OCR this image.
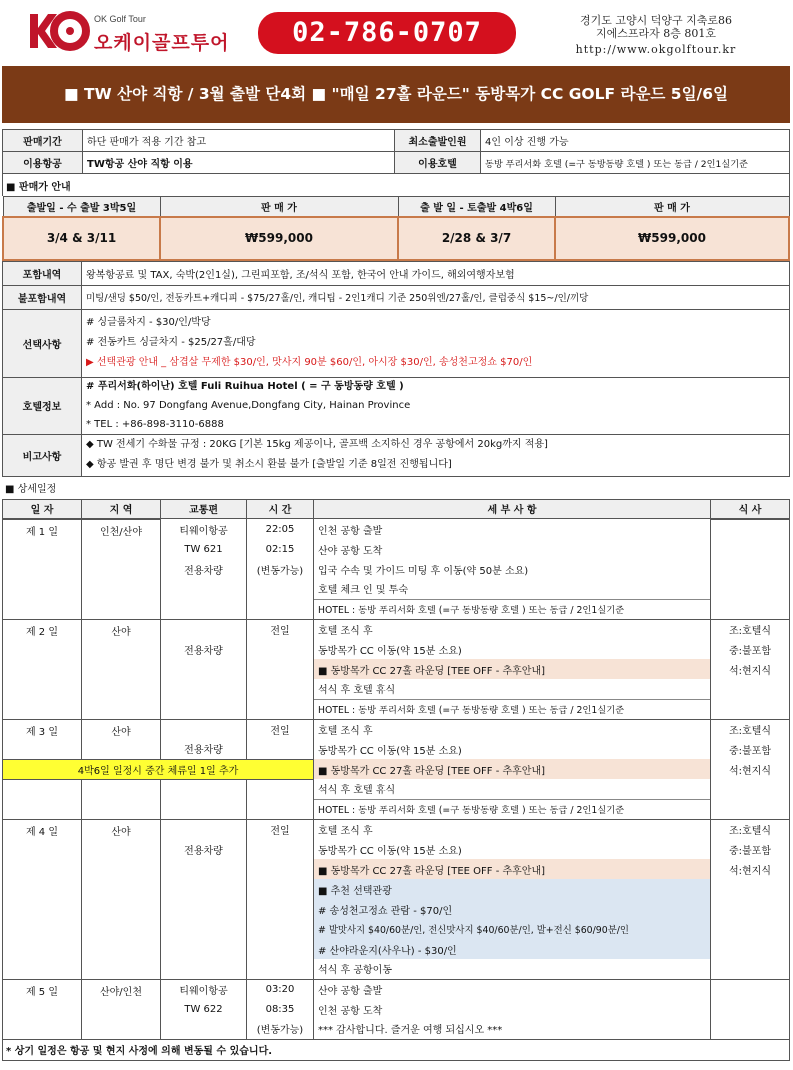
OK Golf Tour
오케이골프투어	02-786-0707	경기도 고양시 덕양구 지축로86
지에스프라자 8층 801호
http://www.okgolftour.kr
■ TW 산야 직항 / 3월 출발 단4회 ■ "매일 27홀 라운드" 동방목가 CC GOLF 라운드 5일/6일
판매기간	하단 판매가 적용 기간 참고	최소출발인원	4인 이상 진행 가능
이용항공	TW항공 산야 직항 이용	이용호텔	동방 푸리서화 호텔 (=구 동방동량 호텔 ) 또는 동급 / 2인1실기준
■ 판매가 안내
출발일 - 수 출발 3박5일	판 매 가	출 발 일 - 토출발 4박6일	판 매 가
3/4 & 3/11	₩599,000	2/28 & 3/7	₩599,000
포함내역	왕복항공료 및 TAX, 숙박(2인1실), 그린피포함, 조/석식 포함, 한국어 안내 가이드, 해외여행자보험
불포함내역	미팅/샌딩 $50/인, 전동카트+캐디피 - $75/27홀/인, 캐디팁 - 2인1캐디 기준 250위엔/27홀/인, 클럽중식 $15~/인/끼당
선택사항	# 싱글룸차지 - $30/인/박당
# 전동카트 싱글차지 - $25/27홀/대당
▶ 선택관광 안내 _ 삼겹살 무제한 $30/인, 맛사지 90분 $60/인, 아시장 $30/인, 송성천고정쇼 $70/인

호텔정보	# 푸리서화(하이난) 호텔 Fuli Ruihua Hotel ( = 구 동방동량 호텔 )
* Add : No. 97 Dongfang Avenue,Dongfang City, Hainan Province
* TEL : +86-898-3110-6888

비고사항	◆ TW 전세기 수화물 규정 : 20KG [기본 15kg 제공이나, 골프백 소지하신 경우 공항에서 20kg까지 적용]
◆ 항공 발권 후 명단 변경 불가 및 취소시 환불 불가 [출발일 기준 8일전 진행됩니다]
■ 상세일정
일 자	지 역	교통편	시 간	세 부 사 항	식 사
제 1 일	인천/산야	티웨이항공	22:05	인천 공항 출발	
		TW 621	02:15	산야 공항 도착	
		전용차량	(변동가능)	입국 수속 및 가이드 미팅 후 이동(약 50분 소요)	
				호텔 체크 인 및 투숙	
				HOTEL : 동방 푸리서화 호텔 (=구 동방동량 호텔 ) 또는 동급 / 2인1실기준	
제 2 일	산야		전일	호텔 조식 후	조:호텔식
		전용차량		동방목가 CC 이동(약 15분 소요)	중:불포함
				■ 동방목가 CC 27홀 라운딩 [TEE OFF - 추후안내]	석:현지식
				석식 후 호텔 휴식	
				HOTEL : 동방 푸리서화 호텔 (=구 동방동량 호텔 ) 또는 동급 / 2인1실기준	
제 3 일	산야		전일	호텔 조식 후	조:호텔식
		전용차량		동방목가 CC 이동(약 15분 소요)	중:불포함
4박6일 일정시 중간 체류일 1일 추가				■ 동방목가 CC 27홀 라운딩 [TEE OFF - 추후안내]	석:현지식
				석식 후 호텔 휴식	
				HOTEL : 동방 푸리서화 호텔 (=구 동방동량 호텔 ) 또는 동급 / 2인1실기준	
제 4 일	산야		전일	호텔 조식 후	조:호텔식
		전용차량		동방목가 CC 이동(약 15분 소요)	중:불포함
				■ 동방목가 CC 27홀 라운딩 [TEE OFF - 추후안내]	석:현지식
				■ 추천 선택관광	
				# 송성천고정쇼 관람 - $70/인	
				# 발맛사지 $40/60분/인, 전신맛사지 $40/60분/인, 발+전신 $60/90분/인	
				# 산야라운지(사우나) - $30/인	
				석식 후 공항이동	
제 5 일	산야/인천	티웨이항공	03:20	산야 공항 출발	
		TW 622	08:35	인천 공항 도착	
			(변동가능)	*** 감사합니다. 즐거운 여행 되십시오 ***	
* 상기 일정은 항공 및 현지 사정에 의해 변동될 수 있습니다.
